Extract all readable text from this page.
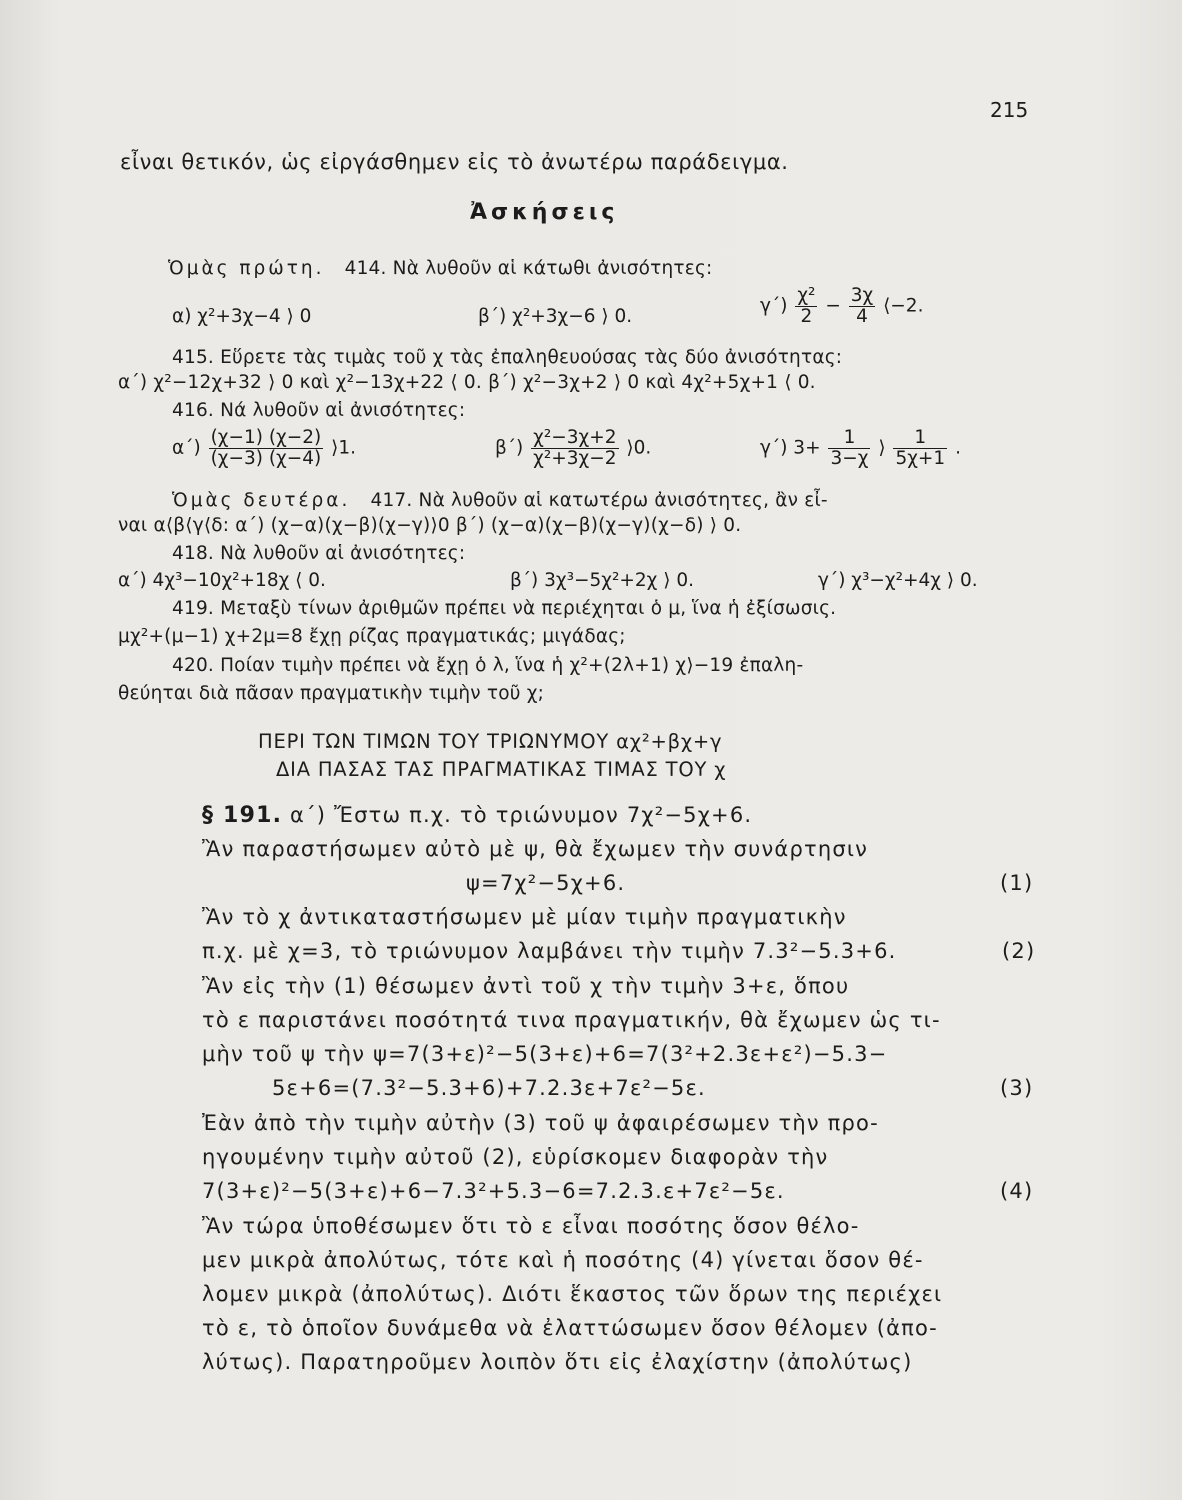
215
εἶναι θετικόν, ὡς εἰργάσθημεν εἰς τὸ ἀνωτέρω παράδειγμα.
Ἀσκήσεις
Ὁμὰς πρώτη. 414. Νὰ λυθοῦν αἱ κάτωθι ἀνισότητες:
α) χ²+3χ−4 ⟩ 0	β΄) χ²+3χ−6 ⟩ 0.	$\gamma΄) \frac{\text{χ²}}{2} - \frac{3\chi}{4}$ ⟨−2.
415. Εὕρετε τὰς τιμὰς τοῦ χ τὰς ἐπαληθευούσας τὰς δύο ἀνισότητας:
α΄) χ²−12χ+32 ⟩ 0 καὶ χ²−13χ+22 ⟨ 0. β΄) χ²−3χ+2 ⟩ 0 καὶ 4χ²+5χ+1 ⟨ 0.
416. Νά λυθοῦν αἱ ἀνισότητες:
$\alpha΄) \frac{(\chi-1) (\chi-2)}{(\chi-3) (\chi-4)}$ ⟩1.	$\beta΄) \frac{\text{χ²−3χ+2}}{\text{χ²+3χ−2}}$ ⟩0.	γ΄) $3+ \frac{1}{3-\chi}$ ⟩ $\frac{1}{5\chi+1}$ .
Ὁμὰς δευτέρα. 417. Νὰ λυθοῦν αἱ κατωτέρω ἀνισότητες, ἂν εἶ-
ναι α⟨β⟨γ⟨δ: α΄) (χ−α)(χ−β)(χ−γ)⟩0 β΄) (χ−α)(χ−β)(χ−γ)(χ−δ) ⟩ 0.
418. Νὰ λυθοῦν αἱ ἀνισότητες:
α΄) 4χ³−10χ²+18χ ⟨ 0.	β΄) 3χ³−5χ²+2χ ⟩ 0.	γ΄) χ³−χ²+4χ ⟩ 0.
419. Μεταξὺ τίνων ἀριθμῶν πρέπει νὰ περιέχηται ὁ μ, ἵνα ἡ ἐξίσωσις.
μχ²+(μ−1) χ+2μ=8 ἔχῃ ρίζας πραγματικάς; μιγάδας;
420. Ποίαν τιμὴν πρέπει νὰ ἔχῃ ὁ λ, ἵνα ἡ χ²+(2λ+1) χ⟩−19 ἐπαλη-
θεύηται διὰ πᾶσαν πραγματικὴν τιμὴν τοῦ χ;
ΠΕΡΙ ΤΩΝ ΤΙΜΩΝ ΤΟΥ ΤΡΙΩΝΥΜΟΥ αχ²+βχ+γ
ΔΙΑ ΠΑΣΑΣ ΤΑΣ ΠΡΑΓΜΑΤΙΚΑΣ ΤΙΜΑΣ ΤΟΥ χ
§ 191. α΄) Ἔστω π.χ. τὸ τριώνυμον 7χ²−5χ+6.
Ἂν παραστήσωμεν αὐτὸ μὲ ψ, θὰ ἔχωμεν τὴν συνάρτησιν
ψ=7χ²−5χ+6.	(1)
Ἂν τὸ χ ἀντικαταστήσωμεν μὲ μίαν τιμὴν πραγματικὴν
π.χ. μὲ χ=3, τὸ τριώνυμον λαμβάνει τὴν τιμὴν 7.3²−5.3+6.	(2)
Ἂν εἰς τὴν (1) θέσωμεν ἀντὶ τοῦ χ τὴν τιμὴν 3+ε, ὅπου
τὸ ε παριστάνει ποσότητά τινα πραγματικήν, θὰ ἔχωμεν ὡς τι-
μὴν τοῦ ψ τὴν ψ=7(3+ε)²−5(3+ε)+6=7(3²+2.3ε+ε²)−5.3−
5ε+6=(7.3²−5.3+6)+7.2.3ε+7ε²−5ε.	(3)
Ἐὰν ἀπὸ τὴν τιμὴν αὐτὴν (3) τοῦ ψ ἀφαιρέσωμεν τὴν προ-
ηγουμένην τιμὴν αὐτοῦ (2), εὑρίσκομεν διαφορὰν τὴν
7(3+ε)²−5(3+ε)+6−7.3²+5.3−6=7.2.3.ε+7ε²−5ε.	(4)
Ἂν τώρα ὑποθέσωμεν ὅτι τὸ ε εἶναι ποσότης ὅσον θέλο-
μεν μικρὰ ἀπολύτως, τότε καὶ ἡ ποσότης (4) γίνεται ὅσον θέ-
λομεν μικρὰ (ἀπολύτως). Διότι ἕκαστος τῶν ὅρων της περιέχει
τὸ ε, τὸ ὁποῖον δυνάμεθα νὰ ἐλαττώσωμεν ὅσον θέλομεν (ἀπο-
λύτως). Παρατηροῦμεν λοιπὸν ὅτι εἰς ἐλαχίστην (ἀπολύτως)
